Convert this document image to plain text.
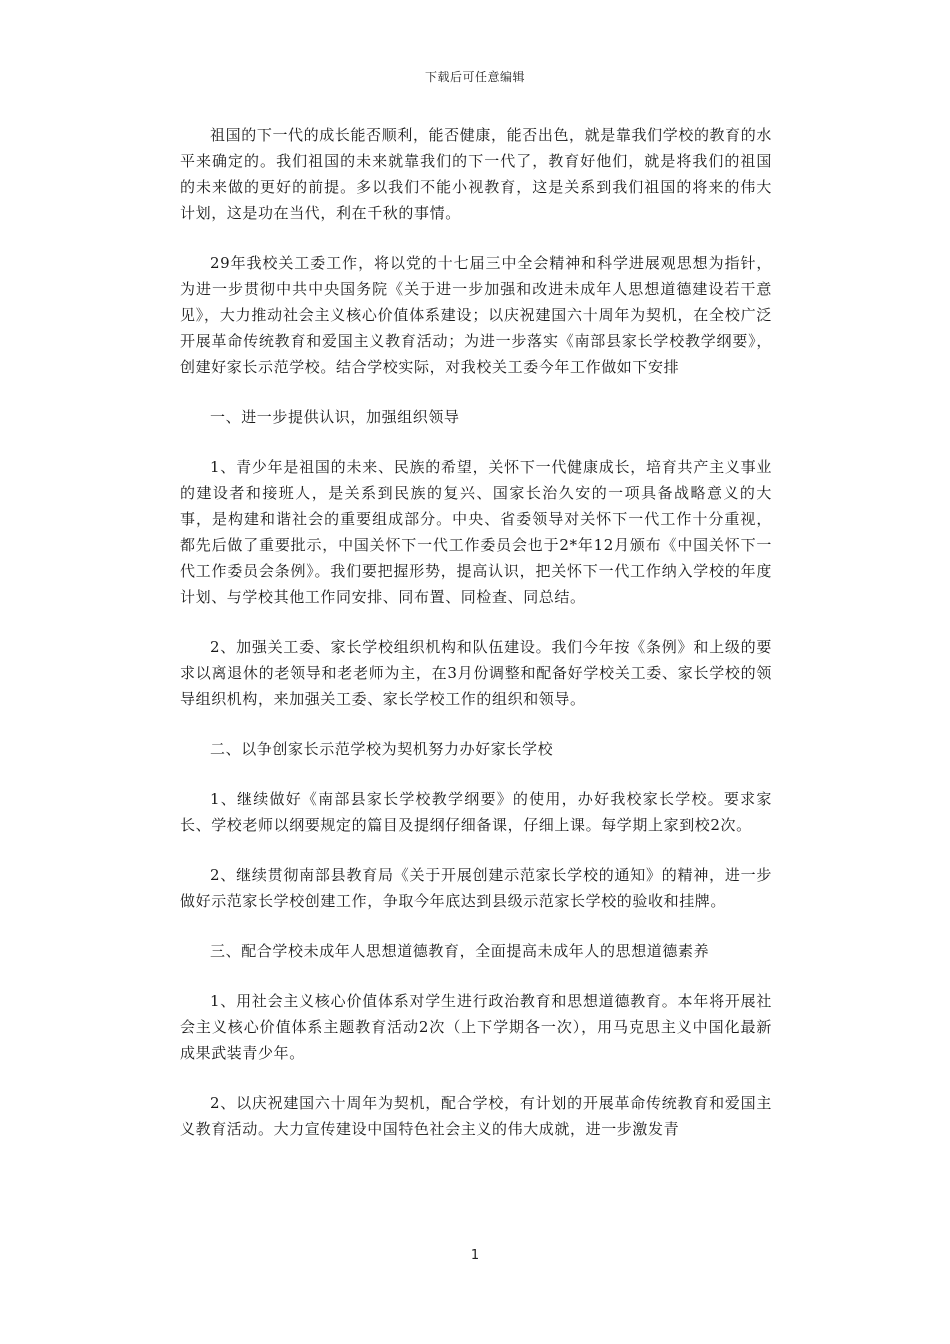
下载后可任意编辑

祖国的下一代的成长能否顺利，能否健康，能否出色，就是靠我们学校的教育的水平来确定的。我们祖国的未来就靠我们的下一代了，教育好他们，就是将我们的祖国的未来做的更好的前提。多以我们不能小视教育，这是关系到我们祖国的将来的伟大计划，这是功在当代，利在千秋的事情。

29年我校关工委工作，将以党的十七届三中全会精神和科学进展观思想为指针，为进一步贯彻中共中央国务院《关于进一步加强和改进未成年人思想道德建设若干意见》，大力推动社会主义核心价值体系建设；以庆祝建国六十周年为契机，在全校广泛开展革命传统教育和爱国主义教育活动；为进一步落实《南部县家长学校教学纲要》，创建好家长示范学校。结合学校实际，对我校关工委今年工作做如下安排

一、进一步提供认识，加强组织领导

1、青少年是祖国的未来、民族的希望，关怀下一代健康成长，培育共产主义事业的建设者和接班人，是关系到民族的复兴、国家长治久安的一项具备战略意义的大事，是构建和谐社会的重要组成部分。中央、省委领导对关怀下一代工作十分重视，都先后做了重要批示，中国关怀下一代工作委员会也于2*年12月颁布《中国关怀下一代工作委员会条例》。我们要把握形势，提高认识，把关怀下一代工作纳入学校的年度计划、与学校其他工作同安排、同布置、同检查、同总结。

2、加强关工委、家长学校组织机构和队伍建设。我们今年按《条例》和上级的要求以离退休的老领导和老老师为主，在3月份调整和配备好学校关工委、家长学校的领导组织机构，来加强关工委、家长学校工作的组织和领导。

二、以争创家长示范学校为契机努力办好家长学校

1、继续做好《南部县家长学校教学纲要》的使用，办好我校家长学校。要求家长、学校老师以纲要规定的篇目及提纲仔细备课，仔细上课。每学期上家到校2次。

2、继续贯彻南部县教育局《关于开展创建示范家长学校的通知》的精神，进一步做好示范家长学校创建工作，争取今年底达到县级示范家长学校的验收和挂牌。

三、配合学校未成年人思想道德教育，全面提高未成年人的思想道德素养

1、用社会主义核心价值体系对学生进行政治教育和思想道德教育。本年将开展社会主义核心价值体系主题教育活动2次（上下学期各一次），用马克思主义中国化最新成果武装青少年。

2、以庆祝建国六十周年为契机，配合学校，有计划的开展革命传统教育和爱国主义教育活动。大力宣传建设中国特色社会主义的伟大成就，进一步激发青

1
